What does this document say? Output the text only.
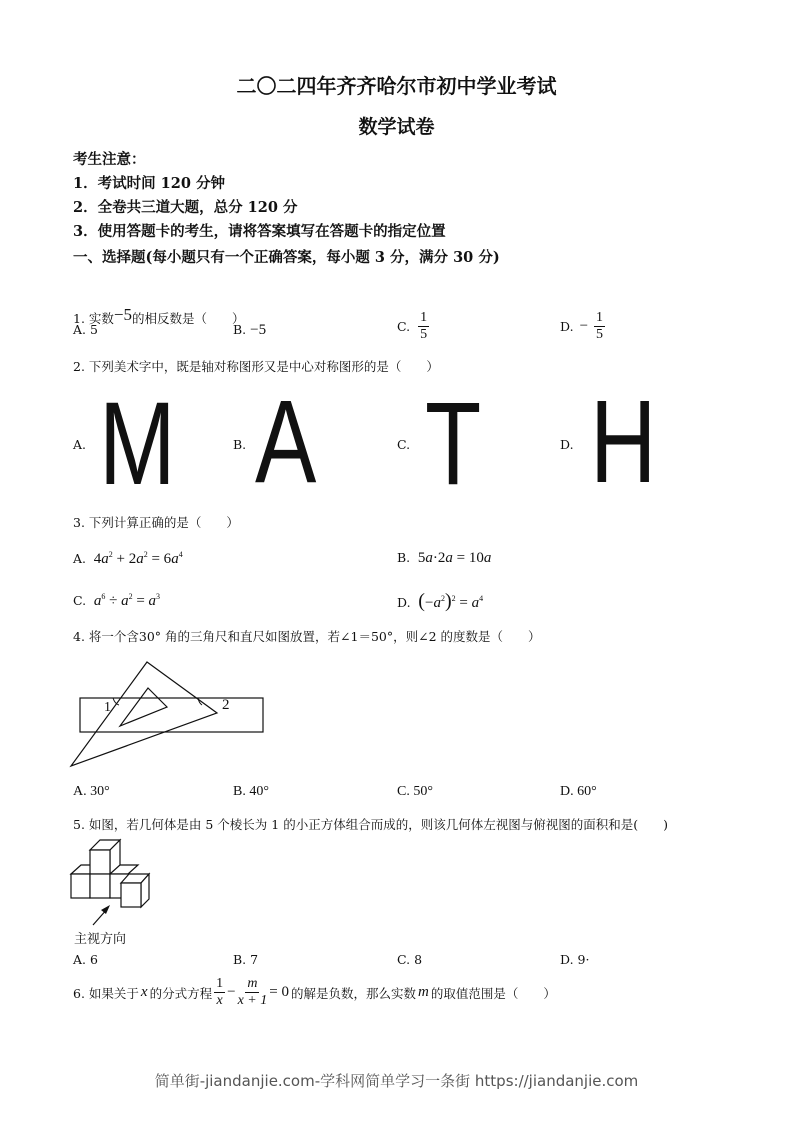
二〇二四年齐齐哈尔市初中学业考试
数学试卷
考生注意：
1．考试时间 120 分钟
2．全卷共三道大题，总分 120 分
3．使用答题卡的考生，请将答案填写在答题卡的指定位置
一、选择题(每小题只有一个正确答案，每小题 3 分，满分 30 分)
1. 实数−5的相反数是（　　）
A. 5	B. −5	C. $\frac{1}{5}$	D. − $\frac{1}{5}$
2. 下列美术字中，既是轴对称图形又是中心对称图形的是（　　）
A.	B.	C.	D.
M A T H
3. 下列计算正确的是（　　）
A.  $4a^2 + 2a^2 = 6a^4$	B.  5a·2a = 10a
C. $a^6 \div a^2 = a^3$	D. $(-a^2)^2 = a^4$
4. 将一个含30° 角的三角尺和直尺如图放置，若∠1＝50°，则∠2 的度数是（　　）
1	2
A. 30°	B. 40°	C. 50°	D. 60°
5. 如图，若几何体是由 5 个棱长为 1 的小正方体组合而成的，则该几何体左视图与俯视图的面积和是(　　)
主视方向
A. 6	B. 7	C. 8	D. 9·
6. 如果关于 x 的分式方程 $\frac{1}{x} - \frac{m}{x + 1} = 0$ 的解是负数，那么实数 m 的取值范围是（　　）
简单街-jiandanjie.com-学科网简单学习一条街 https://jiandanjie.com
